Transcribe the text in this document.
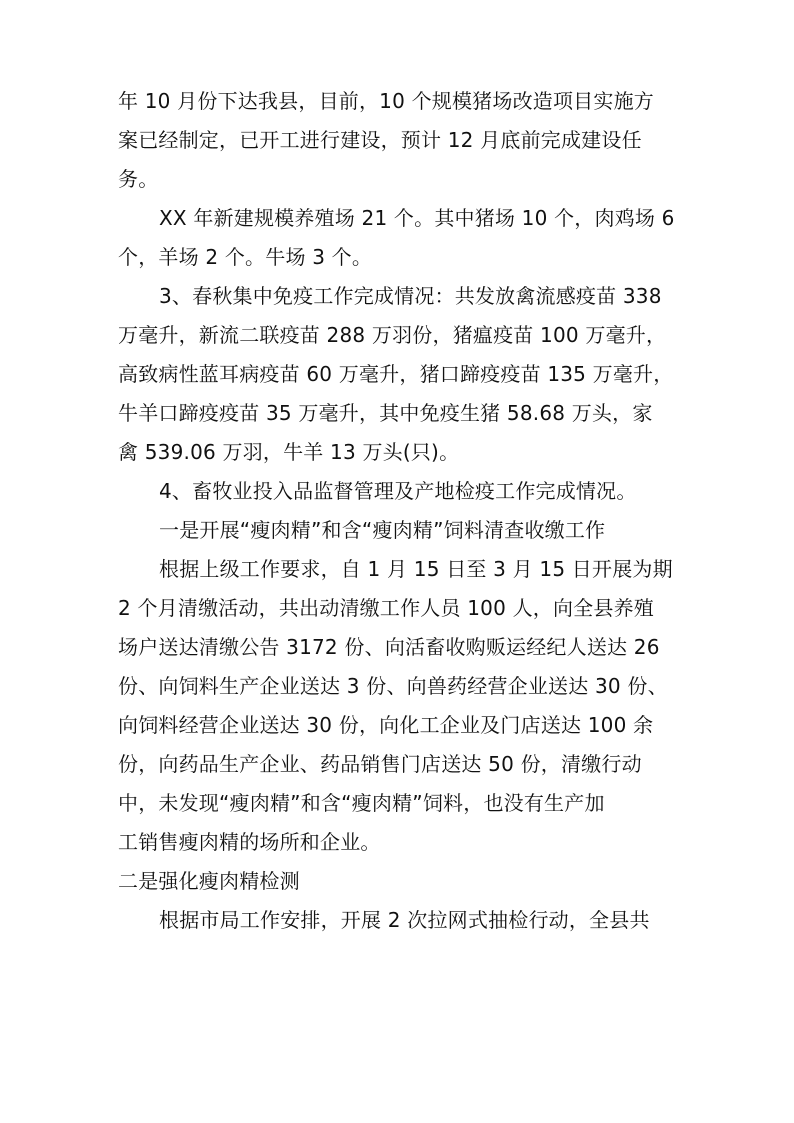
年 10 月份下达我县，目前，10 个规模猪场改造项目实施方
案已经制定，已开工进行建设，预计 12 月底前完成建设任
务。
XX 年新建规模养殖场 21 个。其中猪场 10 个，肉鸡场 6
个，羊场 2 个。牛场 3 个。
3、春秋集中免疫工作完成情况：共发放禽流感疫苗 338
万毫升，新流二联疫苗 288 万羽份，猪瘟疫苗 100 万毫升，
高致病性蓝耳病疫苗 60 万毫升，猪口蹄疫疫苗 135 万毫升，
牛羊口蹄疫疫苗 35 万毫升，其中免疫生猪 58.68 万头，家
禽 539.06 万羽，牛羊 13 万头(只)。
4、畜牧业投入品监督管理及产地检疫工作完成情况。
一是开展“瘦肉精”和含“瘦肉精”饲料清查收缴工作
根据上级工作要求，自 1 月 15 日至 3 月 15 日开展为期
2 个月清缴活动，共出动清缴工作人员 100 人，向全县养殖
场户送达清缴公告 3172 份、向活畜收购贩运经纪人送达 26
份、向饲料生产企业送达 3 份、向兽药经营企业送达 30 份、
向饲料经营企业送达 30 份，向化工企业及门店送达 100 余
份，向药品生产企业、药品销售门店送达 50 份，清缴行动
中，未发现“瘦肉精”和含“瘦肉精”饲料，也没有生产加
工销售瘦肉精的场所和企业。
二是强化瘦肉精检测
根据市局工作安排，开展 2 次拉网式抽检行动，全县共
